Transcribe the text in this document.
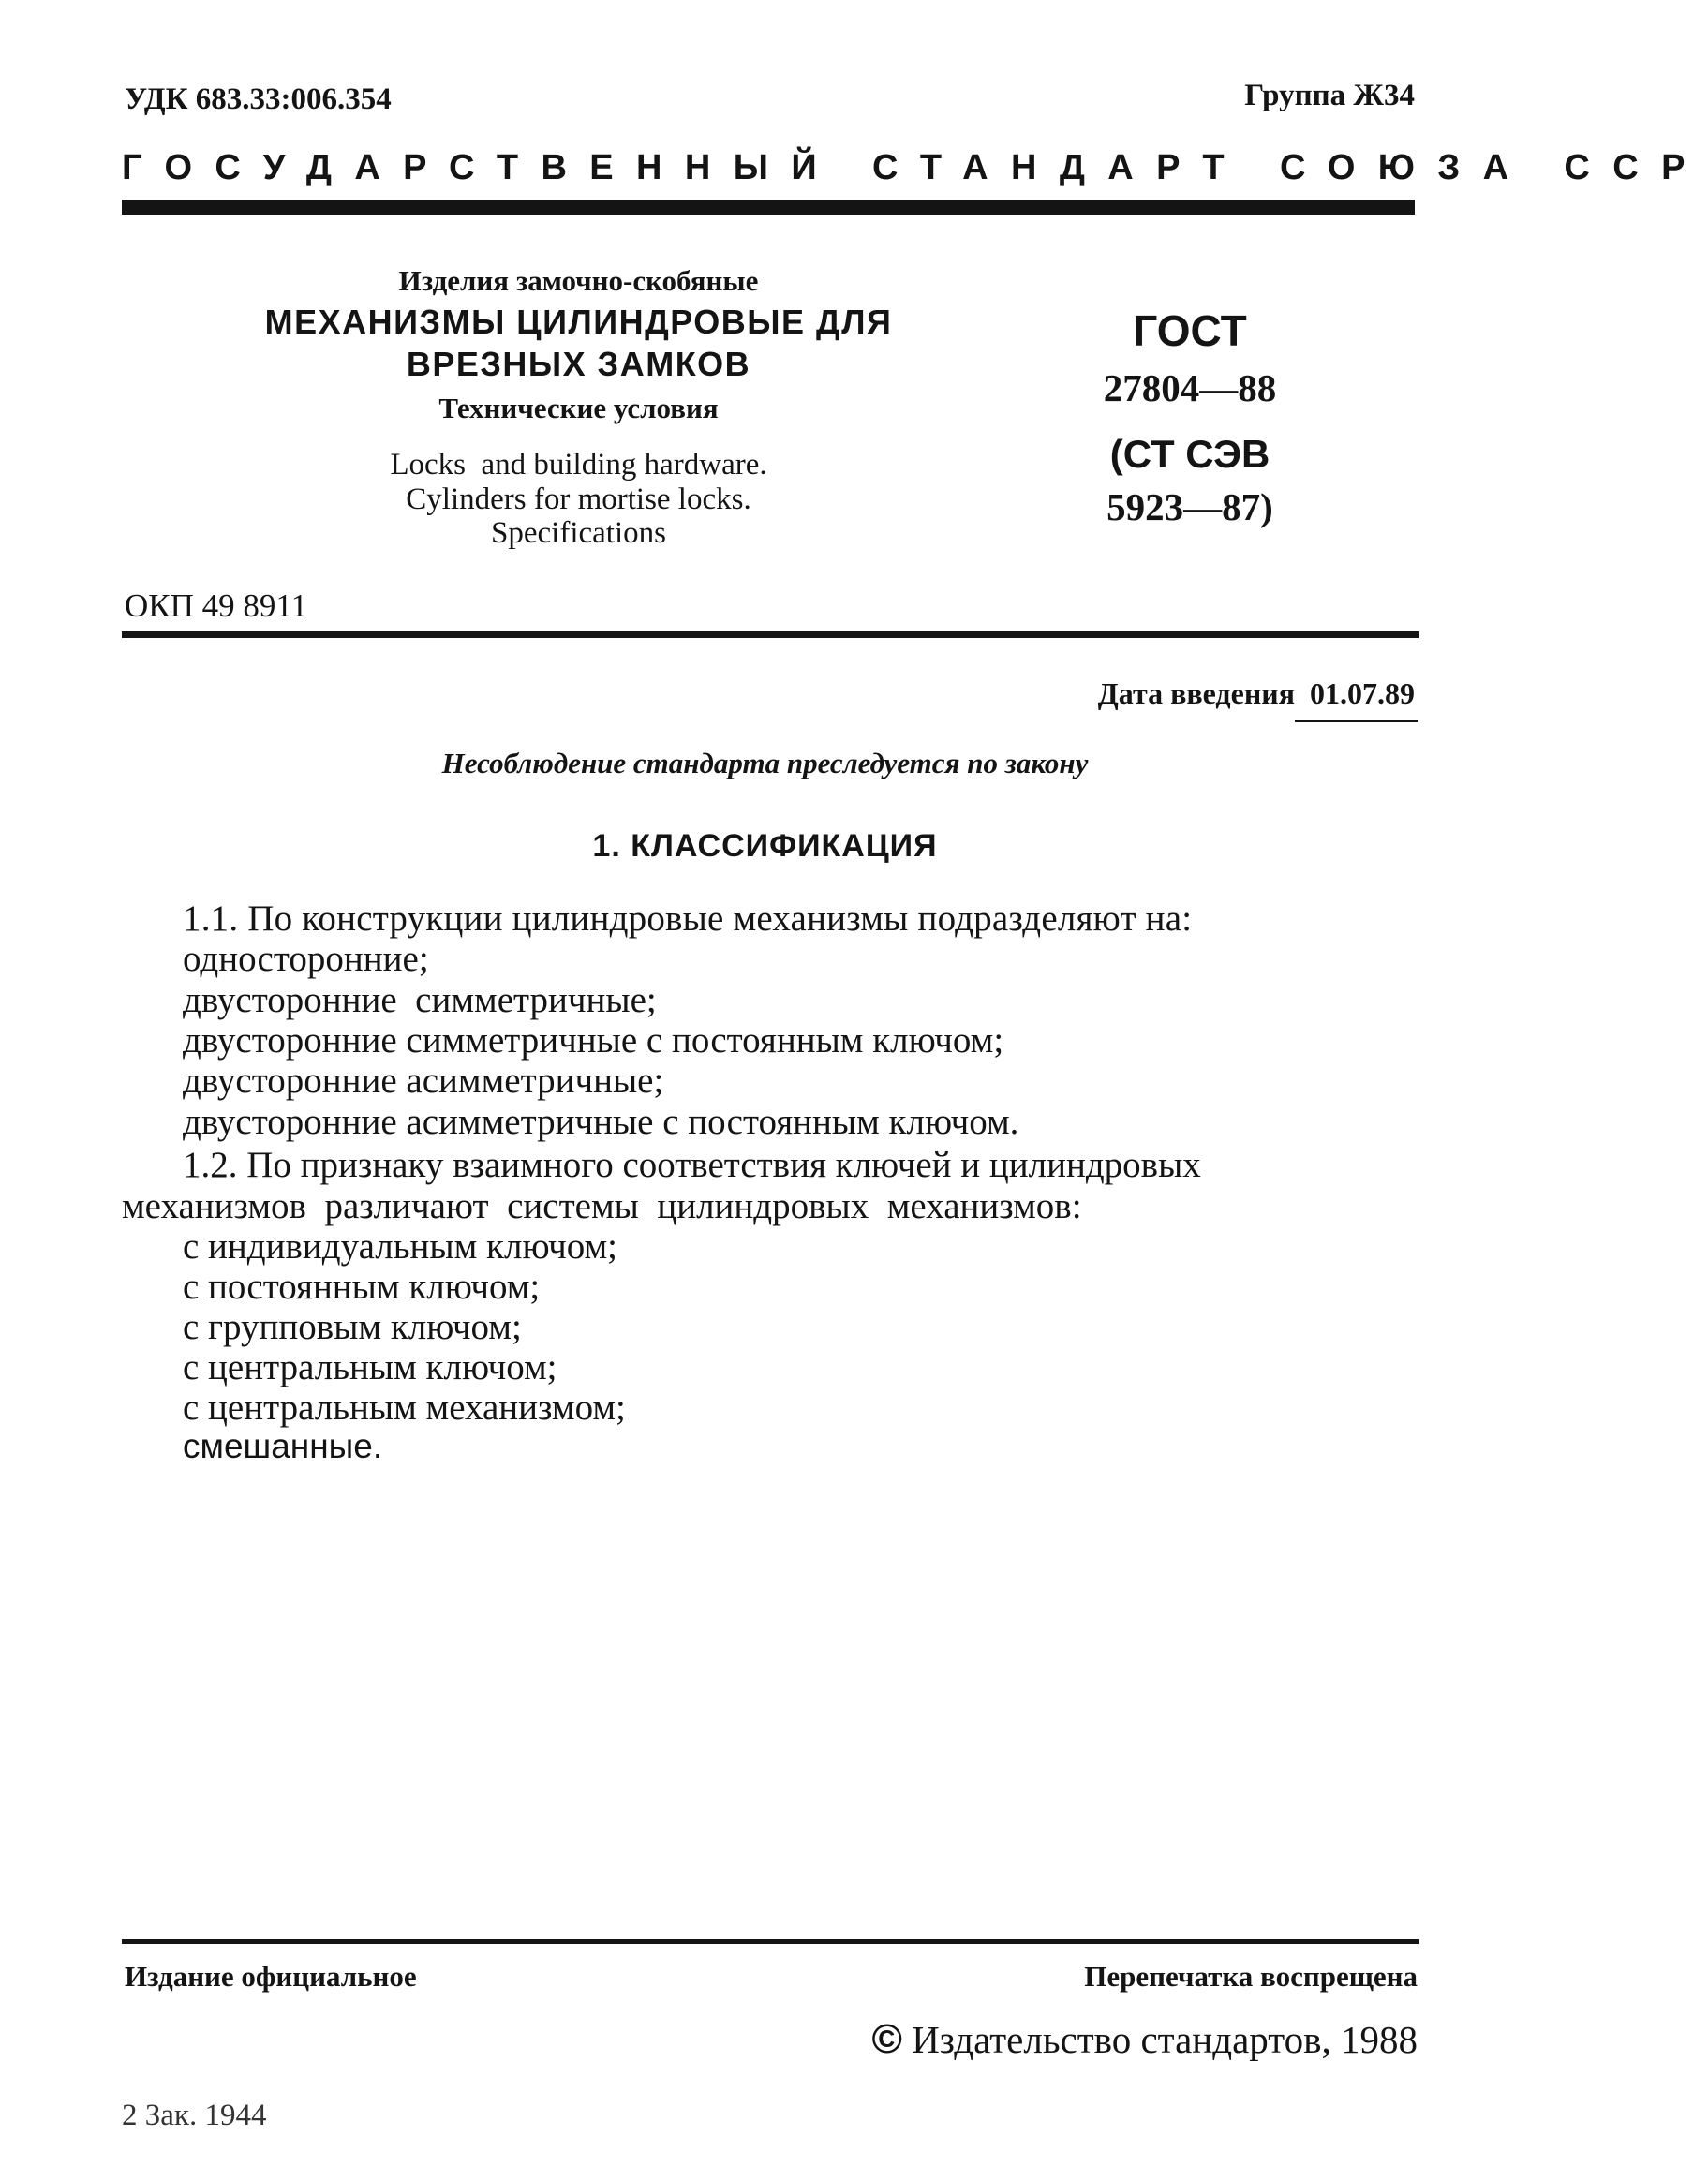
УДК 683.33:006.354	Группа Ж34
ГОСУДАРСТВЕННЫЙ СТАНДАРТ СОЮЗА ССР
Изделия замочно-скобяные
МЕХАНИЗМЫ ЦИЛИНДРОВЫЕ ДЛЯ
ВРЕЗНЫХ ЗАМКОВ
Технические условия
Locks  and building hardware.
Cylinders for mortise locks.
Specifications
ГОСТ
27804—88
(СТ СЭВ
5923—87)
ОКП 49 8911
Дата введения 01.07.89
Несоблюдение стандарта преследуется по закону
1. КЛАССИФИКАЦИЯ
1.1. По конструкции цилиндровые механизмы подразделяют на:
односторонние;
двусторонние  симметричные;
двусторонние симметричные с постоянным ключом;
двусторонние асимметричные;
двусторонние асимметричные с постоянным ключом.
1.2. По признаку взаимного соответствия ключей и цилиндровых
механизмов  различают  системы  цилиндровых  механизмов:
с индивидуальным ключом;
с постоянным ключом;
с групповым ключом;
с центральным ключом;
с центральным механизмом;
смешанные.
Издание официальное	Перепечатка воспрещена
© Издательство стандартов, 1988
2 Зак. 1944
